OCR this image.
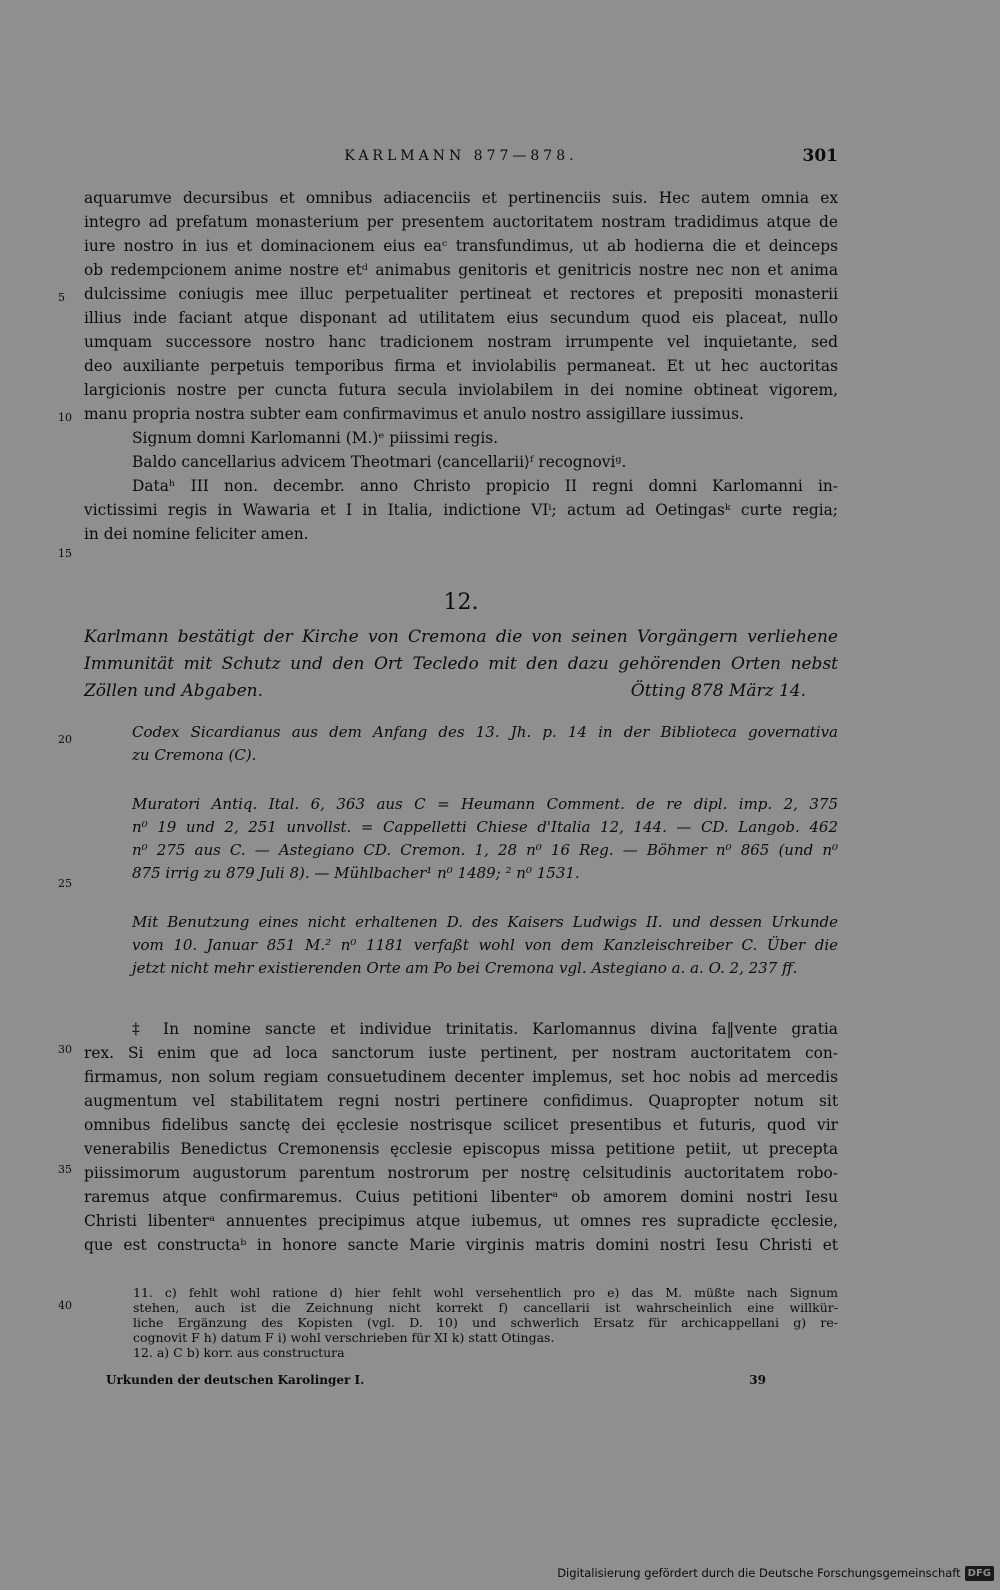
KARLMANN 877—878.	301
aquarumve decursibus et omnibus adiacenciis et pertinenciis suis. Hec autem omnia ex
integro ad prefatum monasterium per presentem auctoritatem nostram tradidimus atque de
iure nostro in ius et dominacionem eius eaᶜ transfundimus, ut ab hodierna die et deinceps
ob redempcionem anime nostre etᵈ animabus genitoris et genitricis nostre nec non et anima
dulcissime coniugis mee illuc perpetualiter pertineat et rectores et prepositi monasterii
illius inde faciant atque disponant ad utilitatem eius secundum quod eis placeat, nullo
umquam successore nostro hanc tradicionem nostram irrumpente vel inquietante, sed
deo auxiliante perpetuis temporibus firma et inviolabilis permaneat. Et ut hec auctoritas
largicionis nostre per cuncta futura secula inviolabilem in dei nomine obtineat vigorem,
manu propria nostra subter eam confirmavimus et anulo nostro assigillare iussimus.
Signum domni Karlomanni (M.)ᵉ piissimi regis.
Baldo cancellarius advicem Theotmari ⟨cancellarii⟩ᶠ recognoviᵍ.
Dataʰ III non. decembr. anno Christo propicio II regni domni Karlomanni in-
victissimi regis in Wawaria et I in Italia, indictione VIⁱ; actum ad Oetingasᵏ curte regia;
in dei nomine feliciter amen.
5
10
15
12.
Karlmann bestätigt der Kirche von Cremona die von seinen Vorgängern verliehene
Immunität mit Schutz und den Ort Tecledo mit den dazu gehörenden Orten nebst
Zöllen und Abgaben.	Ötting 878 März 14.
Codex Sicardianus aus dem Anfang des 13. Jh. p. 14 in der Biblioteca governativa
zu Cremona (C).
20
Muratori Antiq. Ital. 6, 363 aus C = Heumann Comment. de re dipl. imp. 2, 375
n⁰ 19 und 2, 251 unvollst. = Cappelletti Chiese d'Italia 12, 144. — CD. Langob. 462
n⁰ 275 aus C. — Astegiano CD. Cremon. 1, 28 n⁰ 16 Reg. — Böhmer n⁰ 865 (und n⁰
875 irrig zu 879 Juli 8). — Mühlbacher¹ n⁰ 1489; ² n⁰ 1531.
25
Mit Benutzung eines nicht erhaltenen D. des Kaisers Ludwigs II. und dessen Urkunde
vom 10. Januar 851 M.² n⁰ 1181 verfaßt wohl von dem Kanzleischreiber C. Über die
jetzt nicht mehr existierenden Orte am Po bei Cremona vgl. Astegiano a. a. O. 2, 237 ff.
‡ In nomine sancte et individue trinitatis. Karlomannus divina fa‖vente gratia
rex. Si enim que ad loca sanctorum iuste pertinent, per nostram auctoritatem con-
firmamus, non solum regiam consuetudinem decenter implemus, set hoc nobis ad mercedis
augmentum vel stabilitatem regni nostri pertinere confidimus. Quapropter notum sit
omnibus fidelibus sanctę dei ęcclesie nostrisque scilicet presentibus et futuris, quod vir
venerabilis Benedictus Cremonensis ęcclesie episcopus missa petitione petiit, ut precepta
piissimorum augustorum parentum nostrorum per nostrę celsitudinis auctoritatem robo-
raremus atque confirmaremus. Cuius petitioni libenterᵃ ob amorem domini nostri Iesu
Christi libenterᵃ annuentes precipimus atque iubemus, ut omnes res supradicte ęcclesie,
que est constructaᵇ in honore sancte Marie virginis matris domini nostri Iesu Christi et
30
35
11. c) fehlt wohl ratione d) hier fehlt wohl versehentlich pro e) das M. müßte nach Signum
stehen, auch ist die Zeichnung nicht korrekt f) cancellarii ist wahrscheinlich eine willkür-
liche Ergänzung des Kopisten (vgl. D. 10) und schwerlich Ersatz für archicappellani g) re-
cognovit F h) datum F i) wohl verschrieben für XI k) statt Otingas.
12. a) C b) korr. aus constructura
40
Urkunden der deutschen Karolinger I.	39
Digitalisierung gefördert durch die Deutsche Forschungsgemeinschaft DFG
